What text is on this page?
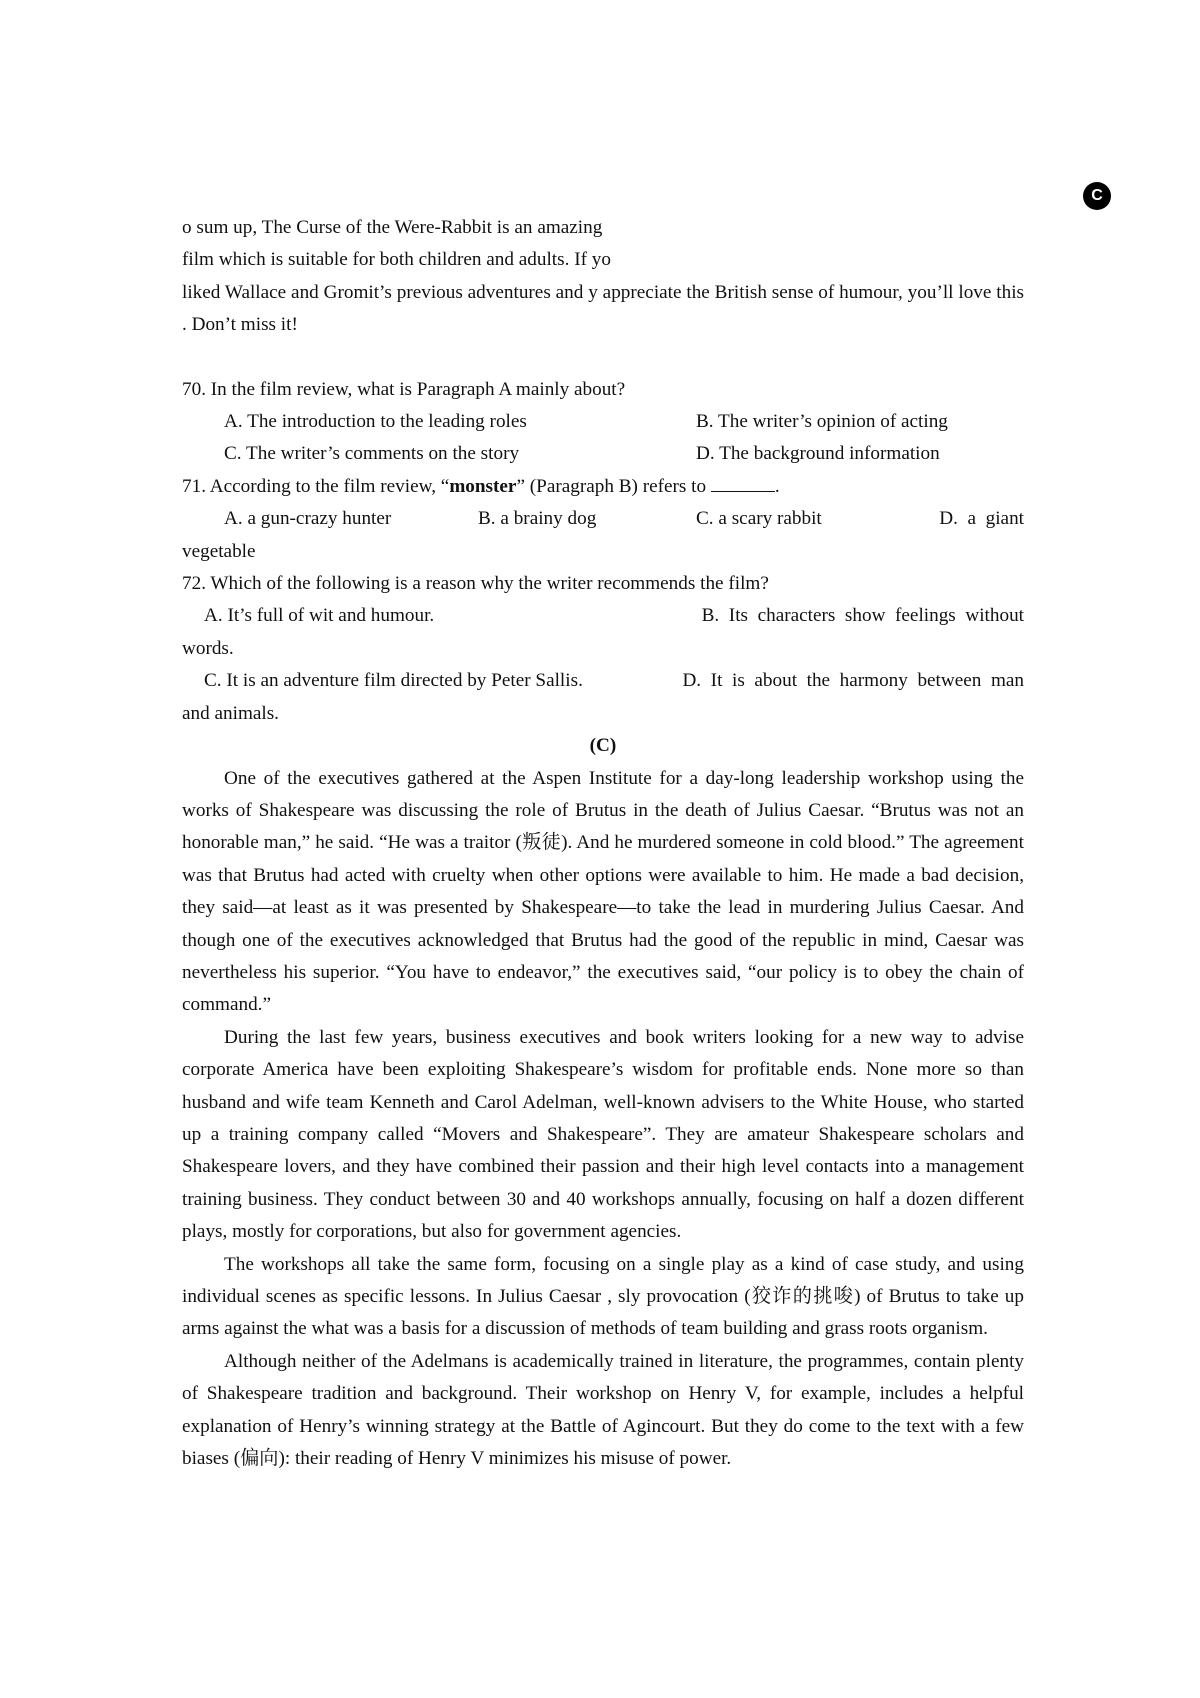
C

o sum up, The Curse of the Were-Rabbit is an amazing

film which is suitable for both children and adults. If yo

liked Wallace and Gromit’s previous adventures and y appreciate the British sense of humour, you’ll love this . Don’t miss it!

70. In the film review, what is Paragraph A mainly about?

A. The introduction to the leading roles	B. The writer’s opinion of acting
C. The writer’s comments on the story	D. The background information

71. According to the film review, “monster” (Paragraph B) refers to	.

A. a gun-crazy hunter	B. a brainy dog	C. a scary rabbit	D.  a  giant

vegetable

72. Which of the following is a reason why the writer recommends the film?

A. It’s full of wit and humour.	B.  Its  characters  show  feelings  without

words.

C. It is an adventure film directed by Peter Sallis.	D.  It  is  about  the  harmony  between  man

and animals.

(C)

One of the executives gathered at the Aspen Institute for a day-long leadership workshop using the works of Shakespeare was discussing the role of Brutus in the death of Julius Caesar. “Brutus was not an honorable man,” he said. “He was a traitor (叛徒). And he murdered someone in cold blood.” The agreement was that Brutus had acted with cruelty when other options were available to him. He made a bad decision, they said—at least as it was presented by Shakespeare—to take the lead in murdering Julius Caesar. And though one of the executives acknowledged that Brutus had the good of the republic in mind, Caesar was nevertheless his superior. “You have to endeavor,” the executives said, “our policy is to obey the chain of command.”

During the last few years, business executives and book writers looking for a new way to advise corporate America have been exploiting Shakespeare’s wisdom for profitable ends. None more so than husband and wife team Kenneth and Carol Adelman, well-known advisers to the White House, who started up a training company called “Movers and Shakespeare”. They are amateur Shakespeare scholars and Shakespeare lovers, and they have combined their passion and their high level contacts into a management training business. They conduct between 30 and 40 workshops annually, focusing on half a dozen different plays, mostly for corporations, but also for government agencies.

The workshops all take the same form, focusing on a single play as a kind of case study, and using individual scenes as specific lessons. In Julius Caesar , sly provocation (狡诈的挑唆) of Brutus to take up arms against the what was a basis for a discussion of methods of team building and grass roots organism.

Although neither of the Adelmans is academically trained in literature, the programmes, contain plenty of Shakespeare tradition and background. Their workshop on Henry V, for example, includes a helpful explanation of Henry’s winning strategy at the Battle of Agincourt. But they do come to the text with a few biases (偏向): their reading of Henry V minimizes his misuse of power.
